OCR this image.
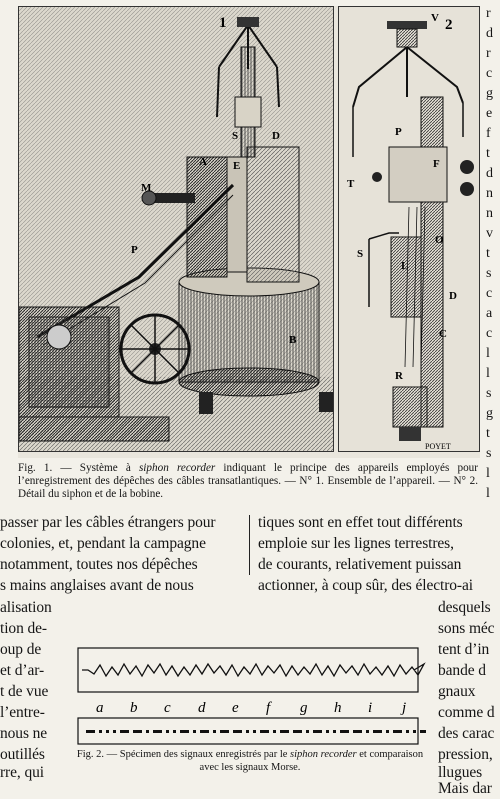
1
A
S
E
D
M
P
B
2
V
P
F
T
S
L
O
C
D
R
POYET
r
d
r
c
g
e
f
t
d
n
n
v
t
s
c
a
c
l
l
s
g
t
s
l
l
Fig. 1. — Système à siphon recorder indiquant le principe des appareils employés pour l’enregistrement des dépêches des câbles transatlantiques. — N° 1. Ensemble de l’appareil. — N° 2. Détail du siphon et de la bobine.
passer par les câbles étrangers pour
colonies, et, pendant la campagne
notamment, toutes nos dépêches
s mains anglaises avant de nous
alisation
tion de-
oup de
et d’ar-
t de vue
l’entre-
nous ne
outillés
rre, qui
tiques sont en effet tout différents
emploie sur les lignes terrestres,
de courants, relativement puissan
actionner, à coup sûr, des électro-ai
desquels
sons méc
tent d’in
bande d
gnaux
comme d
des carac
pression,
llugues
Mais dar
a b c d e f g h i j
Fig. 2. — Spécimen des signaux enregistrés par le siphon recorder et comparaison avec les signaux Morse.
